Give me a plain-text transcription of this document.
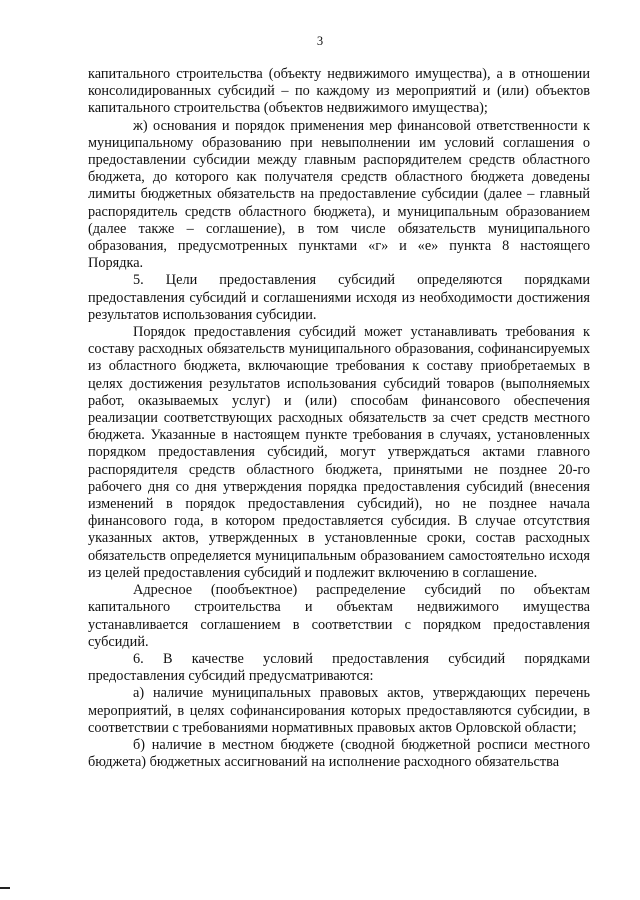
3

капитального строительства (объекту недвижимого имущества), а в отношении консолидированных субсидий – по каждому из мероприятий и (или) объектов капитального строительства (объектов недвижимого имущества);

ж) основания и порядок применения мер финансовой ответственности к муниципальному образованию при невыполнении им условий соглашения о предоставлении субсидии между главным распорядителем средств областного бюджета, до которого как получателя средств областного бюджета доведены лимиты бюджетных обязательств на предоставление субсидии (далее – главный распорядитель средств областного бюджета), и муниципальным образованием (далее также – соглашение), в том числе обязательств муниципального образования, предусмотренных пунктами «г» и «е» пункта 8 настоящего Порядка.

5. Цели предоставления субсидий определяются порядками предоставления субсидий и соглашениями исходя из необходимости достижения результатов использования субсидии.

Порядок предоставления субсидий может устанавливать требования к составу расходных обязательств муниципального образования, софинансируемых из областного бюджета, включающие требования к составу приобретаемых в целях достижения результатов использования субсидий товаров (выполняемых работ, оказываемых услуг) и (или) способам финансового обеспечения реализации соответствующих расходных обязательств за счет средств местного бюджета. Указанные в настоящем пункте требования в случаях, установленных порядком предоставления субсидий, могут утверждаться актами главного распорядителя средств областного бюджета, принятыми не позднее 20-го рабочего дня со дня утверждения порядка предоставления субсидий (внесения изменений в порядок предоставления субсидий), но не позднее начала финансового года, в котором предоставляется субсидия. В случае отсутствия указанных актов, утвержденных в установленные сроки, состав расходных обязательств определяется муниципальным образованием самостоятельно исходя из целей предоставления субсидий и подлежит включению в соглашение.

Адресное (пообъектное) распределение субсидий по объектам капитального строительства и объектам недвижимого имущества устанавливается соглашением в соответствии с порядком предоставления субсидий.

6. В качестве условий предоставления субсидий порядками предоставления субсидий предусматриваются:

а) наличие муниципальных правовых актов, утверждающих перечень мероприятий, в целях софинансирования которых предоставляются субсидии, в соответствии с требованиями нормативных правовых актов Орловской области;

б) наличие в местном бюджете (сводной бюджетной росписи местного бюджета) бюджетных ассигнований на исполнение расходного обязательства
